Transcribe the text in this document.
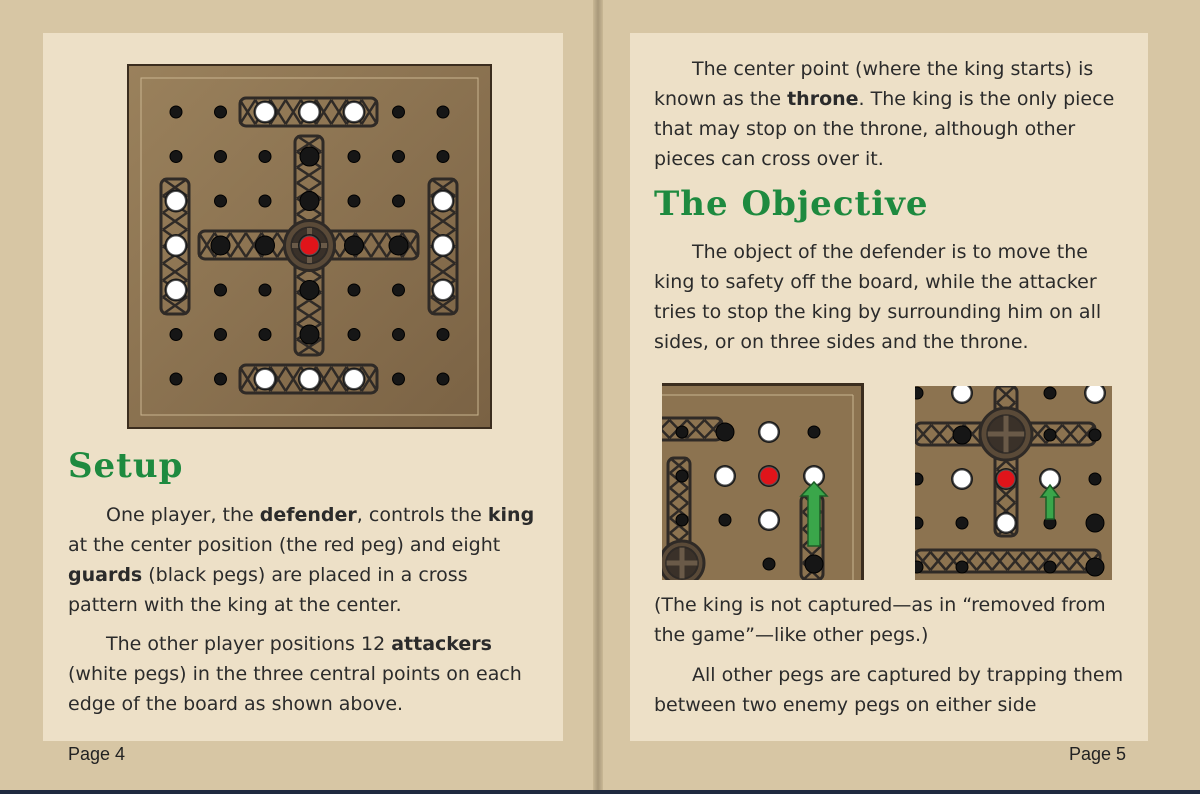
Setup

One player, the defender, controls the king at the center position (the red peg) and eight guards (black pegs) are placed in a cross pattern with the king at the center.

The other player positions 12 attackers (white pegs) in the three central points on each edge of the board as shown above.

Page 4

The center point (where the king starts) is known as the throne. The king is the only piece that may stop on the throne, although other pieces can cross over it.

The Objective

The object of the defender is to move the king to safety off the board, while the attacker tries to stop the king by surrounding him on all sides, or on three sides and the throne.

(The king is not captured—as in “removed from the game”—like other pegs.)

All other pegs are captured by trapping them between two enemy pegs on either side

Page 5
